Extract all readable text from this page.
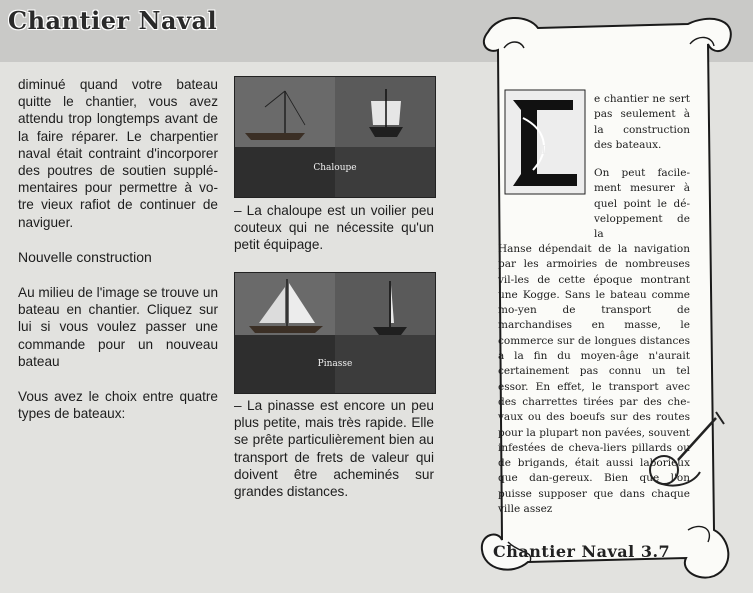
Chantier Naval

diminué quand votre bateau quitte le chantier, vous avez attendu trop longtemps avant de la faire réparer. Le charpentier naval était contraint d'incorporer des poutres de soutien supplé-mentaires pour permettre à vo-tre vieux rafiot de continuer de naviguer.

Nouvelle construction

Au milieu de l'image se trouve un bateau en chantier. Cliquez sur lui si vous voulez passer une commande pour un nouveau bateau

Vous avez le choix entre quatre types de bateaux:

Chaloupe
– La chaloupe est un voilier peu couteux qui ne nécessite qu'un petit équipage.
Pinasse
– La pinasse est encore un peu plus petite, mais très rapide. Elle se prête particulièrement bien au transport de frets de valeur qui doivent être acheminés sur grandes distances.
L
e chantier ne sert pas seulement à la construction des bateaux.
On peut facile-ment mesurer à quel point le dé-veloppement de la
Hanse dépendait de la navigation par les armoiries de nombreuses vil-les de cette époque montrant une Kogge. Sans le bateau comme mo-yen de transport de marchandises en masse, le commerce sur de longues distances à la fin du moyen-âge n'aurait certainement pas connu un tel essor. En effet, le transport avec des charrettes tirées par des che-vaux ou des boeufs sur des routes pour la plupart non pavées, souvent infestées de cheva-liers pillards ou de brigands, était aussi laborieux que dan-gereux. Bien que l'on puisse supposer que dans chaque ville assez
Chantier Naval 3.7
